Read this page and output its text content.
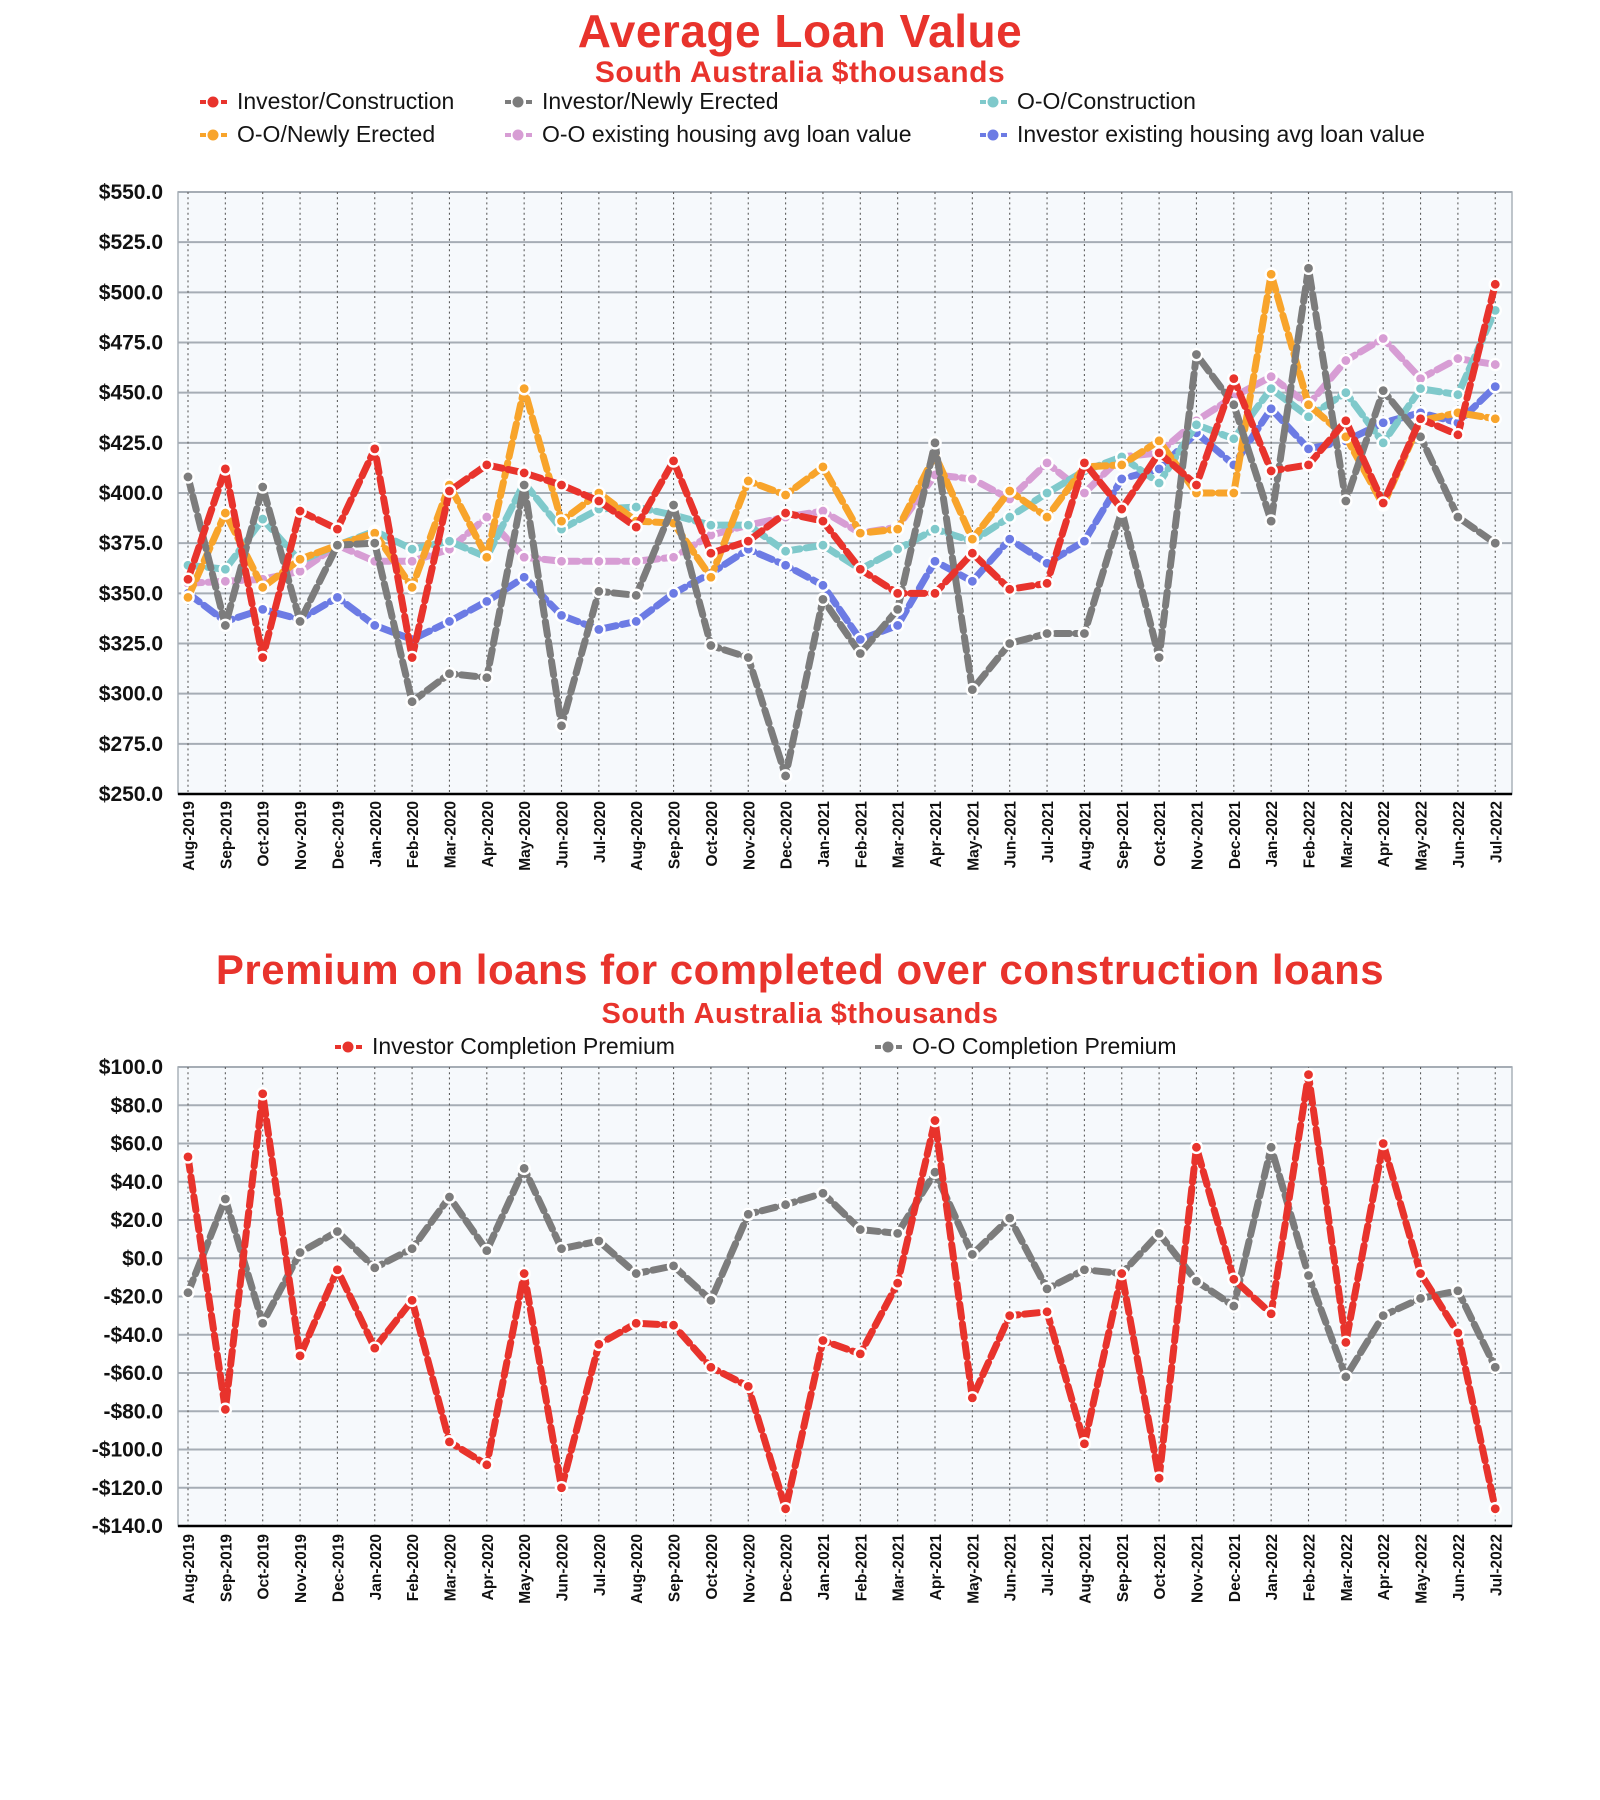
Average Loan Value
South Australia $thousands
Investor/Construction	Investor/Newly Erected	O-O/Construction
O-O/Newly Erected	O-O existing housing avg loan value	Investor existing housing avg loan value
Premium on loans for completed over construction loans
South Australia $thousands
Investor Completion Premium	O-O Completion Premium
$550.0
$525.0
$500.0
$475.0
$450.0
$425.0
$400.0
$375.0
$350.0
$325.0
$300.0
$275.0
$250.0
Aug-2019 Sep-2019 Oct-2019 Nov-2019 Dec-2019 Jan-2020 Feb-2020 Mar-2020 Apr-2020 May-2020 Jun-2020 Jul-2020 Aug-2020 Sep-2020 Oct-2020 Nov-2020 Dec-2020 Jan-2021 Feb-2021 Mar-2021 Apr-2021 May-2021 Jun-2021 Jul-2021 Aug-2021 Sep-2021 Oct-2021 Nov-2021 Dec-2021 Jan-2022 Feb-2022 Mar-2022 Apr-2022 May-2022 Jun-2022 Jul-2022
$100.0
$80.0
$60.0
$40.0
$20.0
$0.0
-$20.0
-$40.0
-$60.0
-$80.0
-$100.0
-$120.0
-$140.0
Aug-2019 Sep-2019 Oct-2019 Nov-2019 Dec-2019 Jan-2020 Feb-2020 Mar-2020 Apr-2020 May-2020 Jun-2020 Jul-2020 Aug-2020 Sep-2020 Oct-2020 Nov-2020 Dec-2020 Jan-2021 Feb-2021 Mar-2021 Apr-2021 May-2021 Jun-2021 Jul-2021 Aug-2021 Sep-2021 Oct-2021 Nov-2021 Dec-2021 Jan-2022 Feb-2022 Mar-2022 Apr-2022 May-2022 Jun-2022 Jul-2022
